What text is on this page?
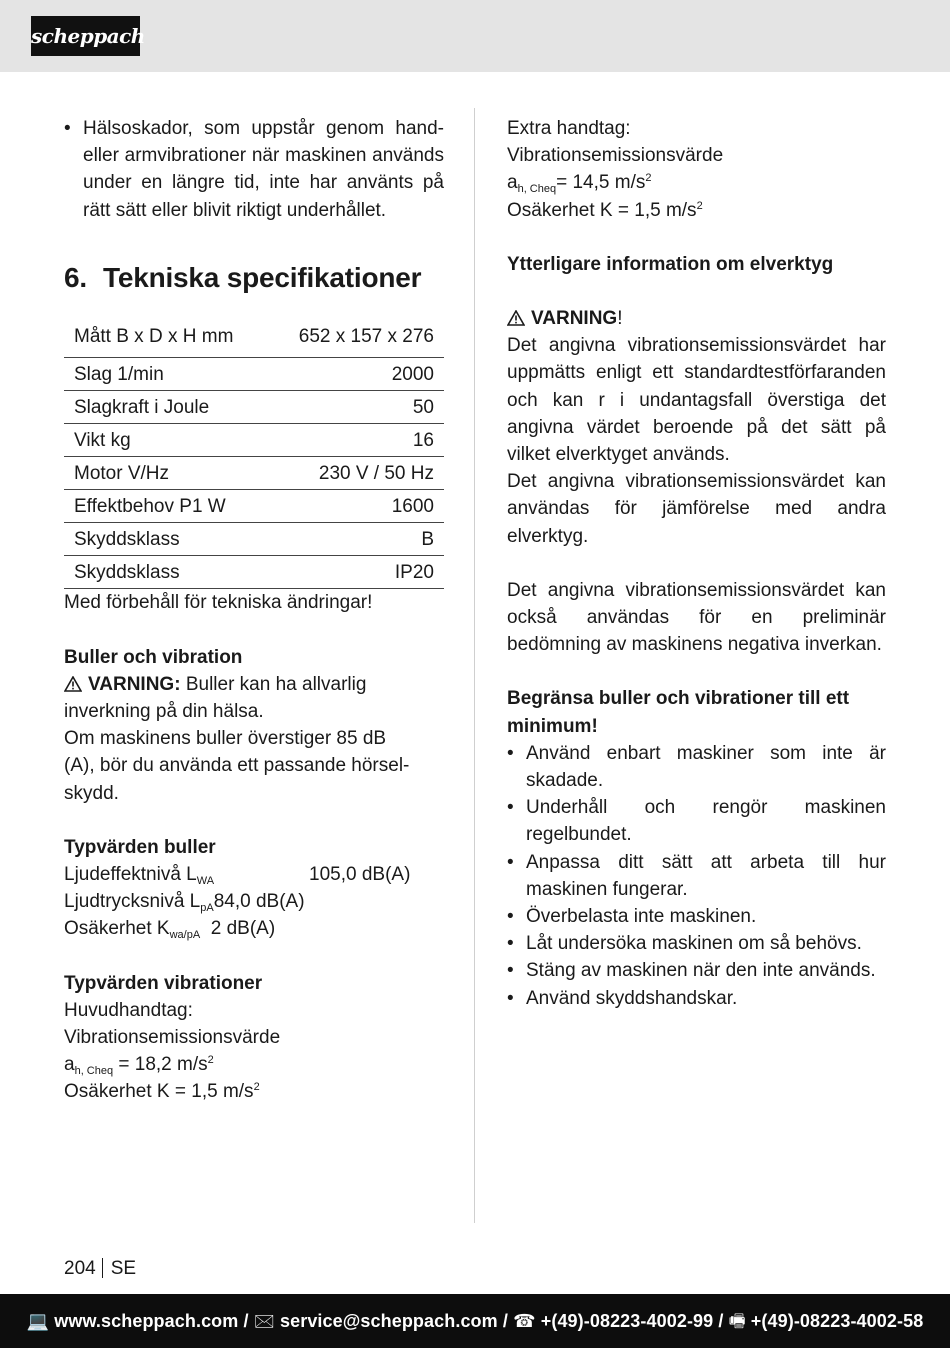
scheppach
• Hälsoskador, som uppstår genom hand- eller armvibrationer när maskinen används under en längre tid, inte har använts på rätt sätt eller blivit riktigt underhållet.
6. Tekniska specifikationer
Mått B x D x H mm	652 x 157 x 276
Slag 1/min	2000
Slagkraft i Joule	50
Vikt kg	16
Motor V/Hz	230 V / 50 Hz
Effektbehov P1 W	1600
Skyddsklass	B
Skyddsklass	IP20

Med förbehåll för tekniska ändringar!

Buller och vibration

VARNING: Buller kan ha allvarlig inverkning på din hälsa.

Om maskinens buller överstiger 85 dB

(A), bör du använda ett passande hörsel-

skydd.

Typvärden buller

Ljudeffektnivå $L_{WA}$	105,0 dB(A)

Ljudtrycksnivå $L_{pA}84,0$ dB(A)

Osäkerhet $K_{wa/pA}$ 2 dB(A)

Typvärden vibrationer

Huvudhandtag:

Vibrationsemissionsvärde

$a_{h, Cheq} = 18,2$ $m/s^2$

Osäkerhet K = 1,5 $m/s^2$

Extra handtag:

Vibrationsemissionsvärde

$a_{h, Cheq}= 14,5$ $m/s^2$

Osäkerhet K = 1,5 $m/s^2$

Ytterligare information om elverktyg

VARNING!

Det angivna vibrationsemissionsvärdet har uppmätts enligt ett standardtestförfaranden och kan r i undantagsfall överstiga det angivna värdet beroende på det sätt på vilket elverktyget används.

Det angivna vibrationsemissionsvärdet kan användas för jämförelse med andra elverktyg.

Det angivna vibrationsemissionsvärdet kan också användas för en preliminär bedömning av maskinens negativa inverkan.

Begränsa buller och vibrationer till ett minimum!

• Använd enbart maskiner som inte är skadade.
• Underhåll och rengör maskinen regelbundet.
• Anpassa ditt sätt att arbeta till hur maskinen fungerar.
• Överbelasta inte maskinen.
• Låt undersöka maskinen om så behövs.
• Stäng av maskinen när den inte används.
• Använd skyddshandskar.
204 SE
💻 www.scheppach.com / 🖂 service@scheppach.com / ☎ +(49)-08223-4002-99 / 🖷 +(49)-08223-4002-58
